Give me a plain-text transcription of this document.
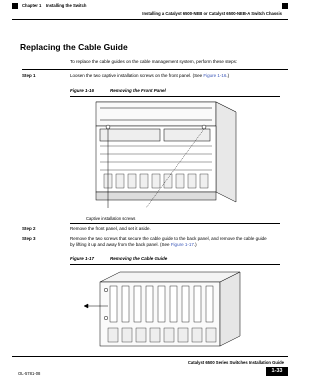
Chapter 1 Installing the Switch
Installing a Catalyst 6500-NEB or Catalyst 6500-NEB-A Switch Chassis
Replacing the Cable Guide
To replace the cable guides on the cable management system, perform these steps:
Step 1	Loosen the two captive installation screws on the front panel. (See Figure 1-16.)
Figure 1-16	Removing the Front Panel
Captive installation screws
Step 2	Remove the front panel, and set it aside.
Step 3	Remove the two screws that secure the cable guide to the back panel, and remove the cable guide by lifting it up and away from the back panel. (See Figure 1-17.)
Figure 1-17	Removing the Cable Guide
Catalyst 6500 Series Switches Installation Guide
OL-5781-08	1-33
